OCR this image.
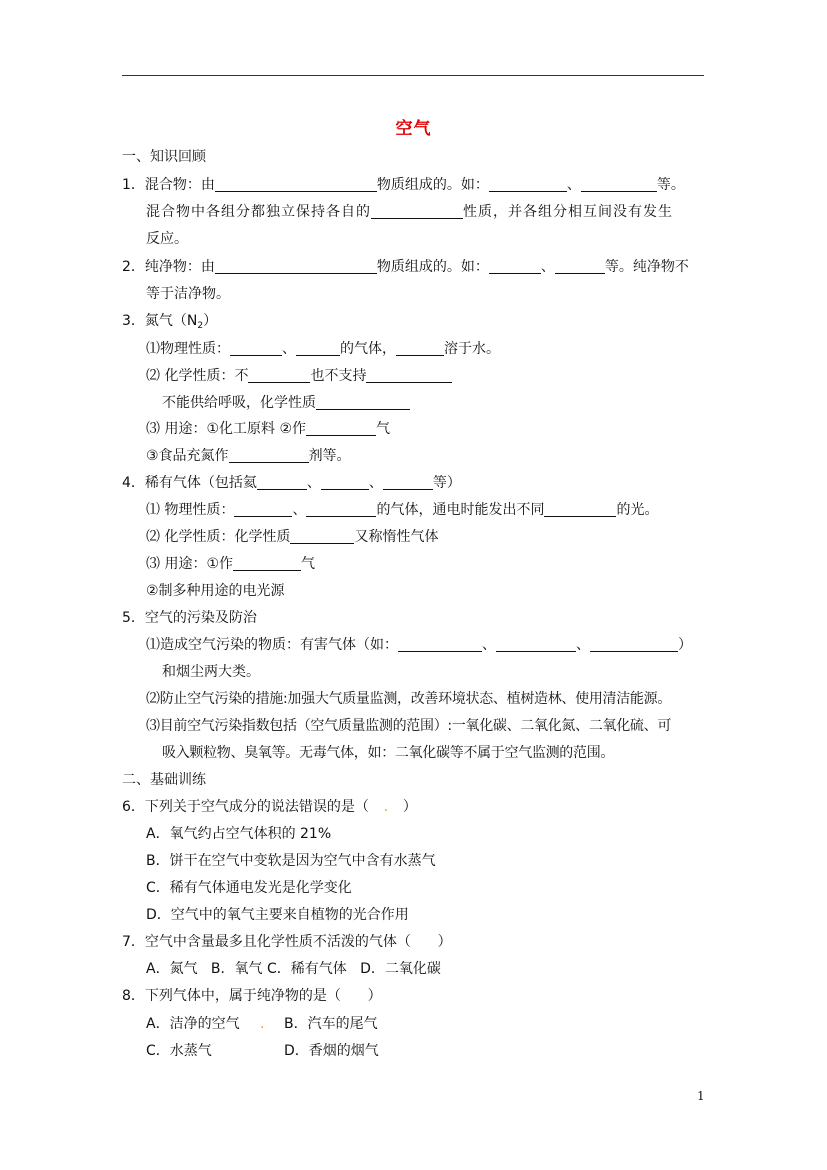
空气
一、知识回顾
1．混合物：由	物质组成的。如：	、	等。
混合物中各组分都独立保持各自的	性质，并各组分相互间没有发生
反应。
2．纯净物：由	物质组成的。如：	、	等。纯净物不
等于洁净物。
3．氮气$(N_2)$
⑴物理性质：	、	的气体，	溶于水。
⑵ 化学性质：不	也不支持
不能供给呼吸，化学性质
⑶ 用途：①化工原料 ②作	气
③食品充氮作	剂等。
4．稀有气体（包括氦	、	、	等）
⑴ 物理性质：	、	的气体，通电时能发出不同	的光。
⑵ 化学性质：化学性质	又称惰性气体
⑶ 用途：①作	气
②制多种用途的电光源
5．空气的污染及防治
⑴造成空气污染的物质：有害气体（如：	、	、	）
和烟尘两大类。
⑵防止空气污染的措施:加强大气质量监测，改善环境状态、植树造林、使用清洁能源。
⑶目前空气污染指数包括（空气质量监测的范围）:一氧化碳、二氧化氮、二氧化硫、可
吸入颗粒物、臭氧等。无毒气体，如：二氧化碳等不属于空气监测的范围。
二、基础训练
6．下列关于空气成分的说法错误的是（ . ）
A．氧气约占空气体积的 21%
B．饼干在空气中变软是因为空气中含有水蒸气
C．稀有气体通电发光是化学变化
D．空气中的氧气主要来自植物的光合作用
7．空气中含量最多且化学性质不活泼的气体（      ）
A．氮气   B．氧气 C．稀有气体   D．二氧化碳
8．下列气体中，属于纯净物的是（      ）
A．洁净的空气 . B．汽车的尾气
C．水蒸气	D．香烟的烟气
1
